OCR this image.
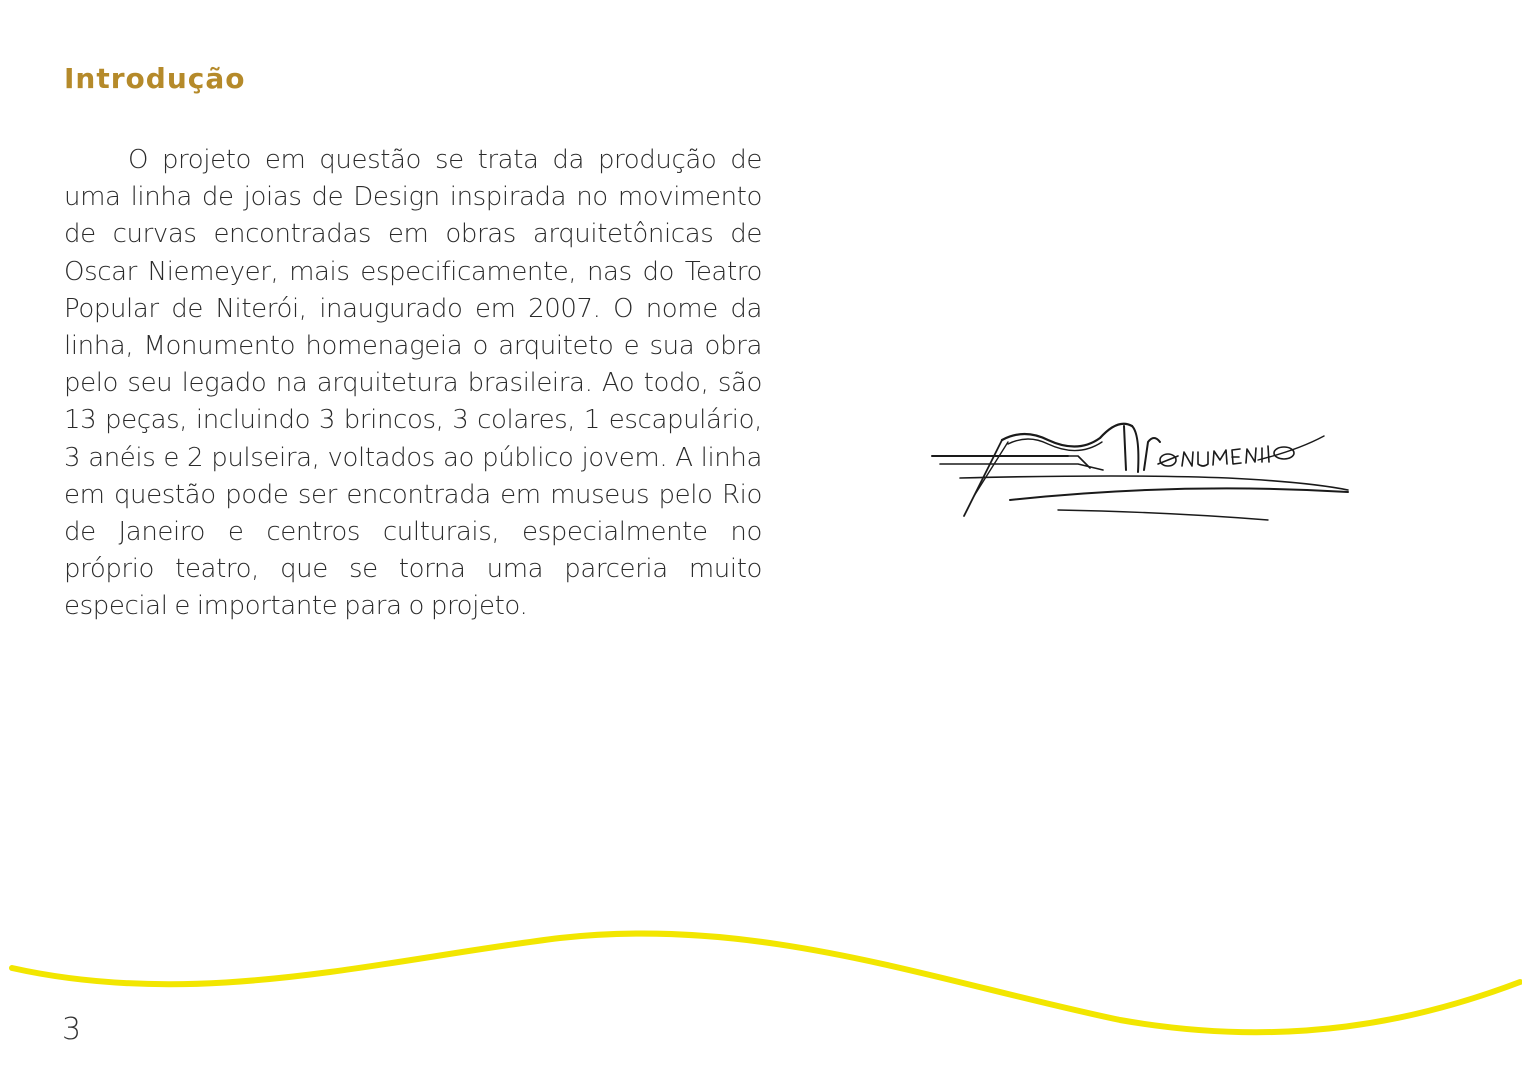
Introdução

O projeto em questão se trata da produção de uma linha de joias de Design inspirada no movimento de curvas encontradas em obras arquitetônicas de Oscar Niemeyer, mais especificamente, nas do Teatro Popular de Niterói, inaugurado em 2007. O nome da linha, Monumento homenageia o arquiteto e sua obra pelo seu legado na arquitetura brasileira. Ao todo, são 13 peças, incluindo 3 brincos, 3 colares, 1 escapulário, 3 anéis e 2 pulseira, voltados ao público jovem. A linha em questão pode ser encontrada em museus pelo Rio de Janeiro e centros culturais, especialmente no próprio teatro, que se torna uma parceria muito especial e importante para o projeto.

3
